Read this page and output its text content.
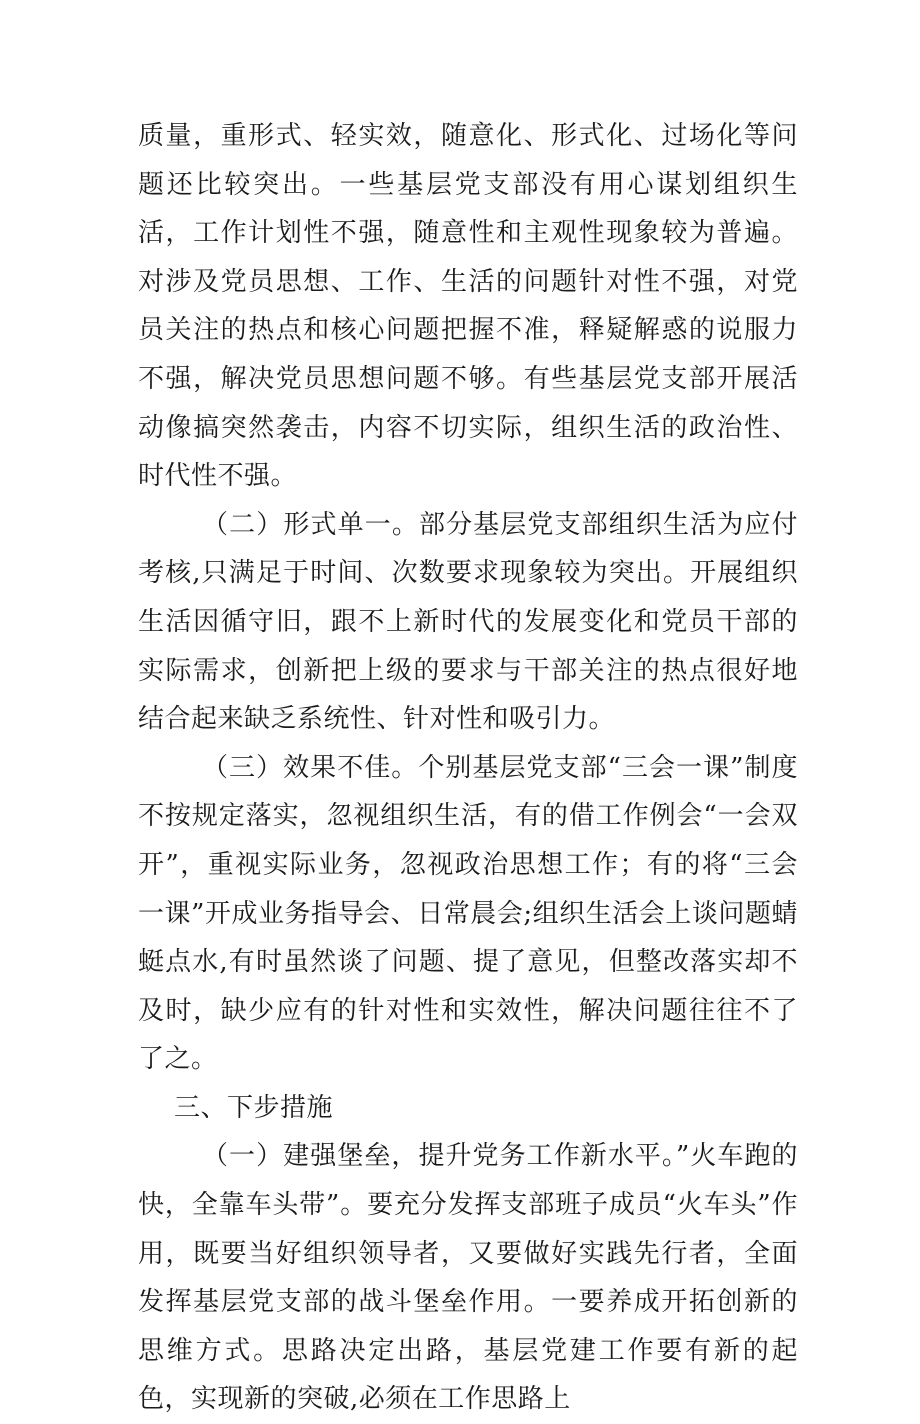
质量，重形式、轻实效，随意化、形式化、过场化等问题还比较突出。一些基层党支部没有用心谋划组织生活，工作计划性不强，随意性和主观性现象较为普遍。对涉及党员思想、工作、生活的问题针对性不强，对党员关注的热点和核心问题把握不准，释疑解惑的说服力不强，解决党员思想问题不够。有些基层党支部开展活动像搞突然袭击，内容不切实际，组织生活的政治性、时代性不强。

（二）形式单一。部分基层党支部组织生活为应付考核,只满足于时间、次数要求现象较为突出。开展组织生活因循守旧，跟不上新时代的发展变化和党员干部的实际需求，创新把上级的要求与干部关注的热点很好地结合起来缺乏系统性、针对性和吸引力。

（三）效果不佳。个别基层党支部“三会一课”制度不按规定落实，忽视组织生活，有的借工作例会“一会双开”，重视实际业务，忽视政治思想工作；有的将“三会一课”开成业务指导会、日常晨会;组织生活会上谈问题蜻蜓点水,有时虽然谈了问题、提了意见，但整改落实却不及时，缺少应有的针对性和实效性，解决问题往往不了了之。

三、下步措施

（一）建强堡垒，提升党务工作新水平。”火车跑的快，全靠车头带”。要充分发挥支部班子成员“火车头”作用，既要当好组织领导者，又要做好实践先行者，全面发挥基层党支部的战斗堡垒作用。一要养成开拓创新的思维方式。思路决定出路，基层党建工作要有新的起色，实现新的突破,必须在工作思路上
